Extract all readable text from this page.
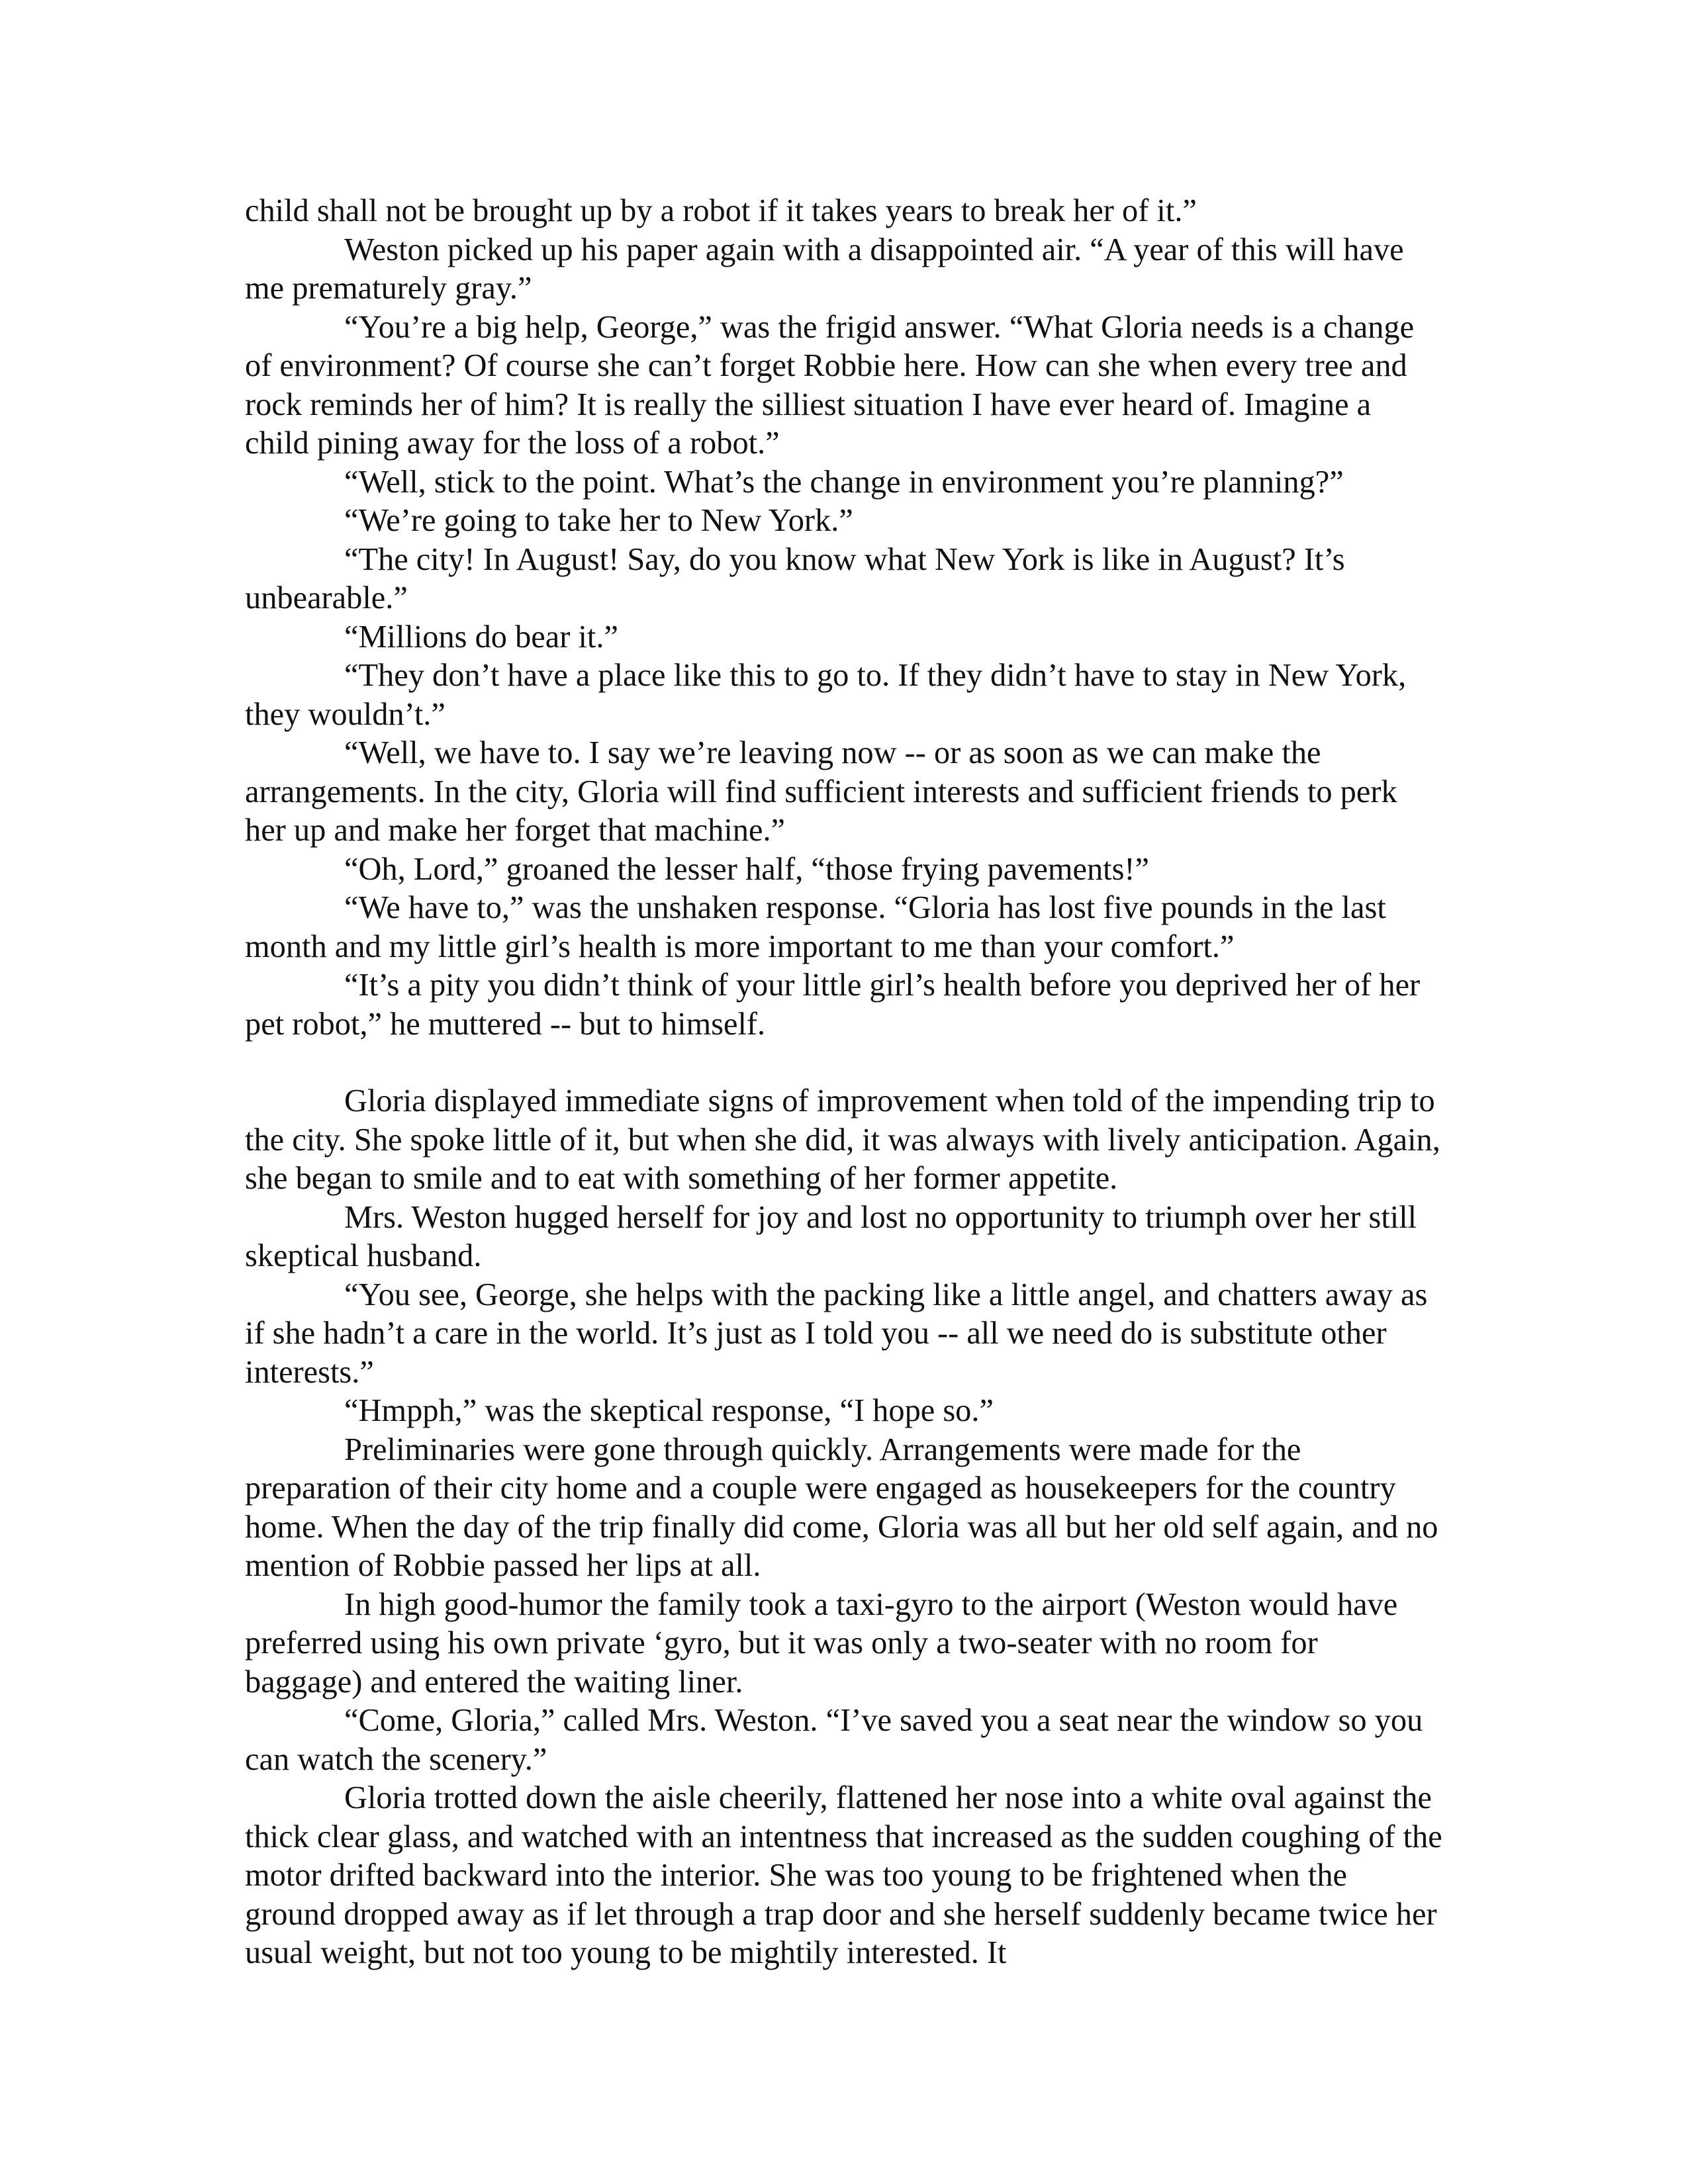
child shall not be brought up by a robot if it takes years to break her of it.”

Weston picked up his paper again with a disappointed air. “A year of this will have me prematurely gray.”

“You’re a big help, George,” was the frigid answer. “What Gloria needs is a change of environment? Of course she can’t forget Robbie here. How can she when every tree and rock reminds her of him? It is really the silliest situation I have ever heard of. Imagine a child pining away for the loss of a robot.”

“Well, stick to the point. What’s the change in environment you’re planning?”

“We’re going to take her to New York.”

“The city! In August! Say, do you know what New York is like in August? It’s unbearable.”

“Millions do bear it.”

“They don’t have a place like this to go to. If they didn’t have to stay in New York, they wouldn’t.”

“Well, we have to. I say we’re leaving now -- or as soon as we can make the arrangements. In the city, Gloria will find sufficient interests and sufficient friends to perk her up and make her forget that machine.”

“Oh, Lord,” groaned the lesser half, “those frying pavements!”

“We have to,” was the unshaken response. “Gloria has lost five pounds in the last month and my little girl’s health is more important to me than your comfort.”

“It’s a pity you didn’t think of your little girl’s health before you deprived her of her pet robot,” he muttered -- but to himself.

Gloria displayed immediate signs of improvement when told of the impending trip to the city. She spoke little of it, but when she did, it was always with lively anticipation. Again, she began to smile and to eat with something of her former appetite.

Mrs. Weston hugged herself for joy and lost no opportunity to triumph over her still skeptical husband.

“You see, George, she helps with the packing like a little angel, and chatters away as if she hadn’t a care in the world. It’s just as I told you -- all we need do is substitute other interests.”

“Hmpph,” was the skeptical response, “I hope so.”

Preliminaries were gone through quickly. Arrangements were made for the preparation of their city home and a couple were engaged as housekeepers for the country home. When the day of the trip finally did come, Gloria was all but her old self again, and no mention of Robbie passed her lips at all.

In high good-humor the family took a taxi-gyro to the airport (Weston would have preferred using his own private ‘gyro, but it was only a two-seater with no room for baggage) and entered the waiting liner.

“Come, Gloria,” called Mrs. Weston. “I’ve saved you a seat near the window so you can watch the scenery.”

Gloria trotted down the aisle cheerily, flattened her nose into a white oval against the thick clear glass, and watched with an intentness that increased as the sudden coughing of the motor drifted backward into the interior. She was too young to be frightened when the ground dropped away as if let through a trap door and she herself suddenly became twice her usual weight, but not too young to be mightily interested. It
